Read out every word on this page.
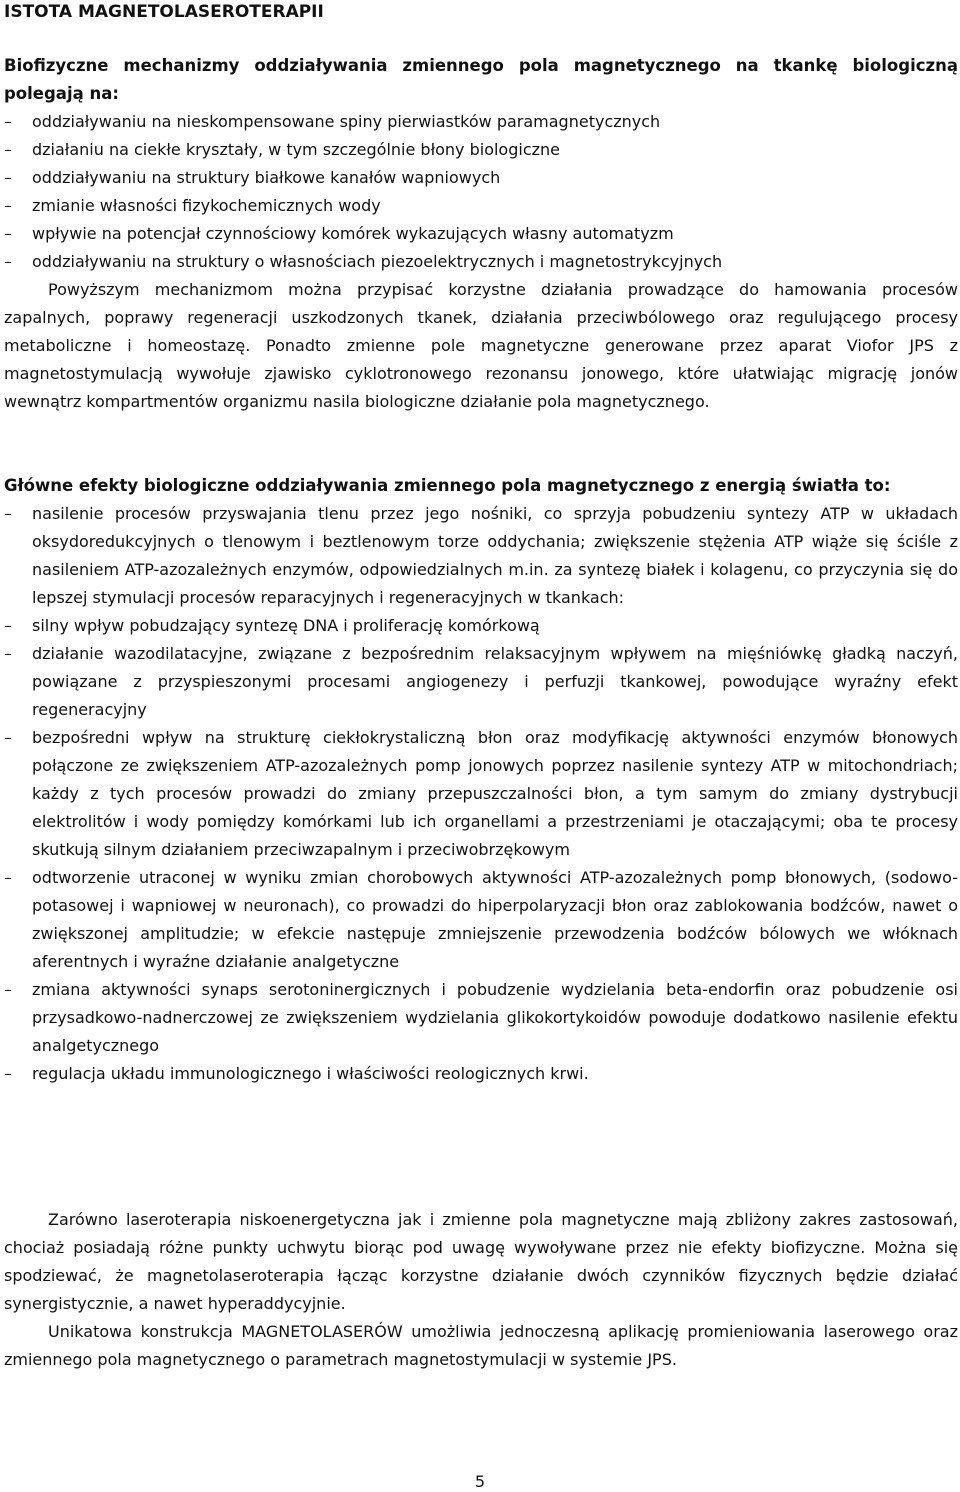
ISTOTA MAGNETOLASEROTERAPII

Biofizyczne mechanizmy oddziaływania zmiennego pola magnetycznego na tkankę biologiczną polegają na:

–	oddziaływaniu na nieskompensowane spiny pierwiastków paramagnetycznych
–	działaniu na ciekłe kryształy, w tym szczególnie błony biologiczne
–	oddziaływaniu na struktury białkowe kanałów wapniowych
–	zmianie własności fizykochemicznych wody
–	wpływie na potencjał czynnościowy komórek wykazujących własny automatyzm
–	oddziaływaniu na struktury o własnościach piezoelektrycznych i magnetostrykcyjnych

Powyższym mechanizmom można przypisać korzystne działania prowadzące do hamowania procesów zapalnych, poprawy regeneracji uszkodzonych tkanek, działania przeciwbólowego oraz regulującego procesy metaboliczne i homeostazę. Ponadto zmienne pole magnetyczne generowane przez aparat Viofor JPS z magnetostymulacją wywołuje zjawisko cyklotronowego rezonansu jonowego, które ułatwiając migrację jonów wewnątrz kompartmentów organizmu nasila biologiczne działanie pola magnetycznego.

Główne efekty biologiczne oddziaływania zmiennego pola magnetycznego z energią światła to:

–	nasilenie procesów przyswajania tlenu przez jego nośniki, co sprzyja pobudzeniu syntezy ATP w układach oksydoredukcyjnych o tlenowym i beztlenowym torze oddychania; zwiększenie stężenia ATP wiąże się ściśle z nasileniem ATP-azozależnych enzymów, odpowiedzialnych m.in. za syntezę białek i kolagenu, co przyczynia się do lepszej stymulacji procesów reparacyjnych i regeneracyjnych w tkankach:
–	silny wpływ pobudzający syntezę DNA i proliferację komórkową
–	działanie wazodilatacyjne, związane z bezpośrednim relaksacyjnym wpływem na mięśniówkę gładką naczyń, powiązane z przyspieszonymi procesami angiogenezy i perfuzji tkankowej, powodujące wyraźny efekt regeneracyjny
–	bezpośredni wpływ na strukturę ciekłokrystaliczną błon oraz modyfikację aktywności enzymów błonowych połączone ze zwiększeniem ATP-azozależnych pomp jonowych poprzez nasilenie syntezy ATP w mitochondriach; każdy z tych procesów prowadzi do zmiany przepuszczalności błon, a tym samym do zmiany dystrybucji elektrolitów i wody pomiędzy komórkami lub ich organellami a przestrzeniami je otaczającymi; oba te procesy skutkują silnym działaniem przeciwzapalnym i przeciwobrzękowym
–	odtworzenie utraconej w wyniku zmian chorobowych aktywności ATP-azozależnych pomp błonowych, (sodowo-potasowej i wapniowej w neuronach), co prowadzi do hiperpolaryzacji błon oraz zablokowania bodźców, nawet o zwiększonej amplitudzie; w efekcie następuje zmniejszenie przewodzenia bodźców bólowych we włóknach aferentnych i wyraźne działanie analgetyczne
–	zmiana aktywności synaps serotoninergicznych i pobudzenie wydzielania beta-endorfin oraz pobudzenie osi przysadkowo-nadnerczowej ze zwiększeniem wydzielania glikokortykoidów powoduje dodatkowo nasilenie efektu analgetycznego
–	regulacja układu immunologicznego i właściwości reologicznych krwi.

Zarówno laseroterapia niskoenergetyczna jak i zmienne pola magnetyczne mają zbliżony zakres zastosowań, chociaż posiadają różne punkty uchwytu biorąc pod uwagę wywoływane przez nie efekty biofizyczne. Można się spodziewać, że magnetolaseroterapia łącząc korzystne działanie dwóch czynników fizycznych będzie działać synergistycznie, a nawet hyperaddycyjnie.

Unikatowa konstrukcja MAGNETOLASERÓW umożliwia jednoczesną aplikację promieniowania laserowego oraz zmiennego pola magnetycznego o parametrach magnetostymulacji w systemie JPS.

5
